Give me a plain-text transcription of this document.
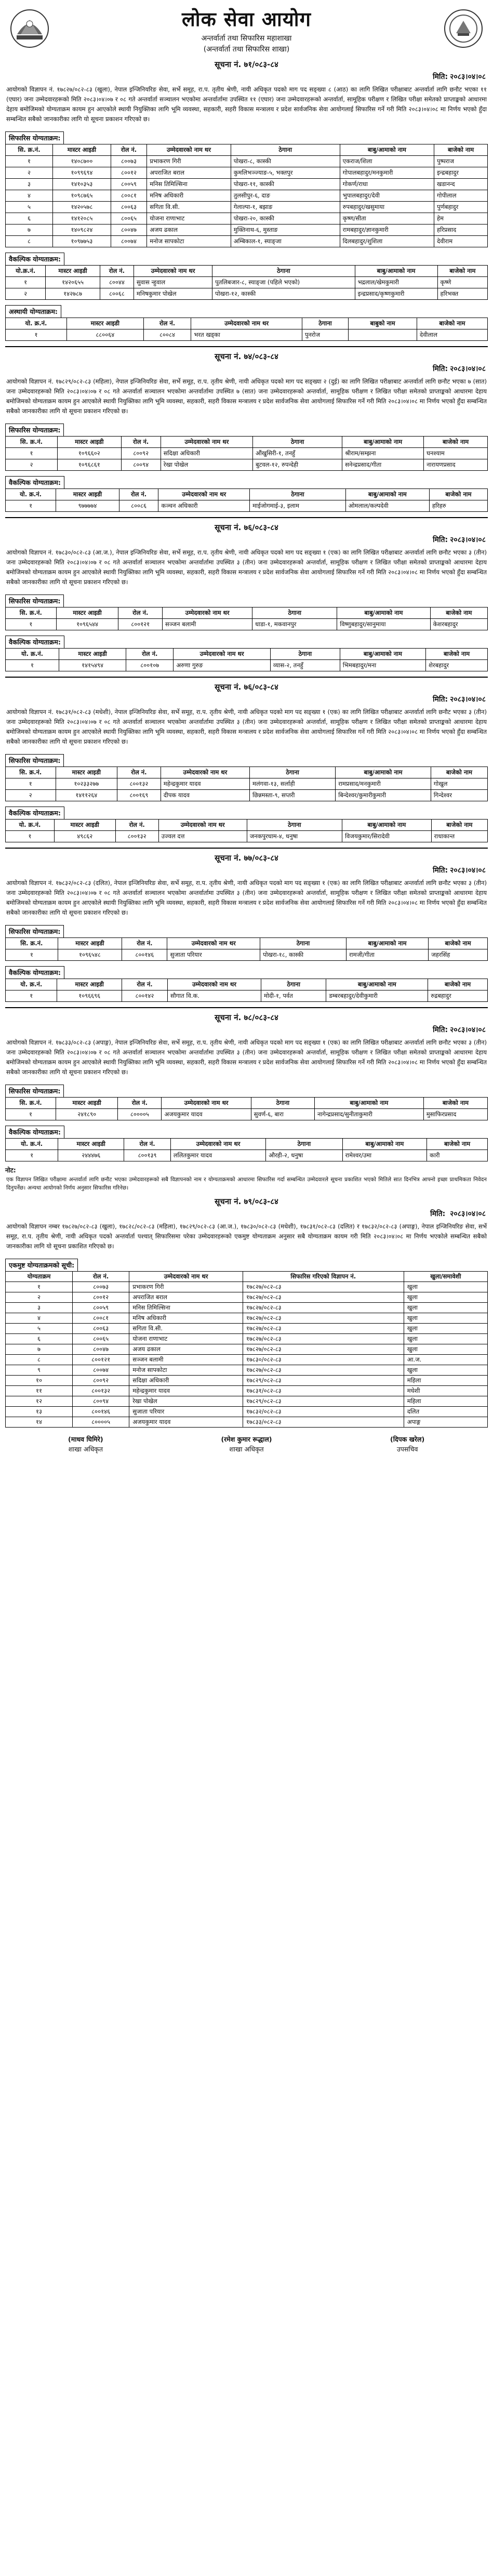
लोक सेवा आयोग
अन्तर्वार्ता तथा सिफारिस महाशाखा
(अन्तर्वार्ता तथा सिफारिस शाखा)
सूचना नं. ७१/०८३-८४
मिति: २०८३।०४।०८
आयोगको विज्ञापन नं. १७८२७/०८२-८३ (खुला), नेपाल इन्जिनियरिङ सेवा, सर्भे समूह, रा.प. तृतीय श्रेणी, नायी अधिकृत पदको माग पद सङ्ख्या ८ (आठ) का लागि लिखित परीक्षाबाट अन्तर्वार्ता लागि छनौट भएका ११ (एघार) जना उम्मेदवारहरूको मिति २०८३।०४।०७ र ०८ गते अन्तर्वार्ता सञ्चालन भएकोमा अन्तर्वार्तामा उपस्थित ११ (एघार) जना उम्मेदवारहरूको अन्तर्वार्ता, सामूहिक परीक्षण र लिखित परीक्षा समेतको प्राप्ताङ्कको आधारमा देहाय बमोजिमको योग्यताक्रम कायम हुन आएकोले स्थायी नियुक्तिका लागि भूमि व्यवस्था, सहकारी, सहरी विकास मन्त्रालय र प्रदेश सार्वजनिक सेवा आयोगलाई सिफारिस गर्ने गरी मिति २०८३।०४।०८ मा निर्णय भएको हुँदा सम्बन्धित सबैको जानकारीका लागि यो सूचना प्रकाशन गरिएको छ।
सिफारिस योग्यताक्रम:
सि. क्र.नं.	मास्टर आइडी	रोल नं.	उम्मेदवारको नाम थर	ठेगाना	बाबु/आमाको नाम	बाजेको नाम
१	१४०८७००	८००७३	प्रभाकरण गिरी	पोखरा-८, कास्की	एकराज/शिला	पुष्पराज
२	१०९९६९४	८००१२	अपराजित बराल	कुमलिभञ्ज्याङ-५, भक्तपुर	गोपालबहादुर/मनकुमारी	इन्द्रबहादुर
३	१४१०३५३	८००५९	मनिस तिमिल्सिना	पोखरा-११, कास्की	गोकर्ण/राधा	खडानन्द
४	१०९८७६५	८००८१	मनिष अधिकारी	तुलसीपुर-६, दाङ	भुपालबहादुर/देवी	गोपीलाल
५	१४२०५७८	८००६३	सगिता वि.सी.	गेलाल्पा-१, बझाङ	रुपबहादुर/खसुमाया	पुर्णबहादुर
६	१४१२०८५	८००६५	योजना राणाभाट	पोखरा-२०, कास्की	कृष्ण/सीता	हेम
७	१४०९८२४	८००४७	अजय ढकाल	मुक्तिनाथ-६, मुस्ताङ	रामबहादुर/ज्ञानकुमारी	हरिप्रसाद
८	१०९७७५३	८००७४	मनोज सापकोटा	अम्बिकाल-१, स्याङ्जा	दिलबहादुर/शुशिला	देवीराम
वैकल्पिक योग्यताक्रम:
यो.क्र.नं.	मास्टर आइडी	रोल नं.	उम्मेदवारको नाम थर	ठेगाना	बाबु/आमाको नाम	बाजेको नाम
१	१४२०६५५	८००४४	सुवास न्हुवाल	पुतलिबजार-८, स्याङ्जा (पहिले भएको)	भद्रलाल/खेमकुमारी	कृष्णे
२	१४२७८७	८००६८	मनिषकुमार पोखेल	पोखरा-१२, कास्की	इन्द्रप्रसाद/कृष्णकुमारी	हरिभक्त
अस्थायी योग्यताक्रम:
यो. क्र.नं.	मास्टर आइडी	रोल नं.	उम्मेदवारको नाम थर	ठेगाना	बाबुको नाम	बाजेको नाम
१	८८००६४	८००८४	भरत खड्का	पुनरोज		देवीलाल
सूचना नं. ७४/०८३-८४
मिति: २०८३।०४।०८
आयोगको विज्ञापन नं. १७८२९/०८२-८३ (महिला), नेपाल इन्जिनियरिङ सेवा, सर्भे समूह, रा.प. तृतीय श्रेणी, नायी अधिकृत पदको माग पद सङ्ख्या २ (दुई) का लागि लिखित परीक्षाबाट अन्तर्वार्ता लागि छनौट भएका ७ (सात) जना उम्मेदवारहरूको मिति २०८३।०४।०७ र ०८ गते अन्तर्वार्ता सञ्चालन भएकोमा अन्तर्वार्तामा उपस्थित ७ (सात) जना उम्मेदवारहरूको अन्तर्वार्ता, सामूहिक परीक्षण र लिखित परीक्षा समेतको प्राप्ताङ्कको आधारमा देहाय बमोजिमको योग्यताक्रम कायम हुन आएकोले स्थायी नियुक्तिका लागि भूमि व्यवस्था, सहकारी, सहरी विकास मन्त्रालय र प्रदेश सार्वजनिक सेवा आयोगलाई सिफारिस गर्ने गरी मिति २०८३।०४।०८ मा निर्णय भएको हुँदा सम्बन्धित सबैको जानकारीका लागि यो सूचना प्रकाशन गरिएको छ।
सिफारिस योग्यताक्रम:
सि. क्र.नं.	मास्टर आइडी	रोल नं.	उम्मेदवारको नाम थर	ठेगाना	बाबु/आमाको नाम	बाजेको नाम
१	१०९६६०२	८००९२	सदिक्षा अधिकारी	औंखुसिरी-१, तनहुँ	श्रीराम/सम्झना	घनश्याम
२	१०९६८६१	८००९४	रेखा पोखेल	बुटवल-१२, रुपन्देही	सनेन्द्रप्रसाद/गीता	नारायणप्रसाद
वैकल्पिक योग्यताक्रम:
यो. क्र.नं.	मास्टर आइडी	रोल नं.	उम्मेदवारको नाम थर	ठेगाना	बाबु/आमाको नाम	बाजेको नाम
१	९७७७७४	८००८६	कञ्चन अधिकारी	माईजोगमाई-३, इलाम	ओमलाल/कल्पदेवी	हरिहरु
सूचना नं. ७६/०८३-८४
मिति: २०८३।०४।०८
आयोगको विज्ञापन नं. १७८३०/०८२-८३ (आ.ज.), नेपाल इन्जिनियरिङ सेवा, सर्भे समूह, रा.प. तृतीय श्रेणी, नायी अधिकृत पदको माग पद सङ्ख्या १ (एक) का लागि लिखित परीक्षाबाट अन्तर्वार्ता लागि छनौट भएका ३ (तीन) जना उम्मेदवारहरूको मिति २०८३।०४।०७ र ०८ गते अन्तर्वार्ता सञ्चालन भएकोमा अन्तर्वार्तामा उपस्थित ३ (तीन) जना उम्मेदवारहरूको अन्तर्वार्ता, सामूहिक परीक्षण र लिखित परीक्षा समेतको प्राप्ताङ्कको आधारमा देहाय बमोजिमको योग्यताक्रम कायम हुन आएकोले स्थायी नियुक्तिका लागि भूमि व्यवस्था, सहकारी, सहरी विकास मन्त्रालय र प्रदेश सार्वजनिक सेवा आयोगलाई सिफारिस गर्ने गरी मिति २०८३।०४।०८ मा निर्णय भएको हुँदा सम्बन्धित सबैको जानकारीका लागि यो सूचना प्रकाशन गरिएको छ।
सिफारिस योग्यताक्रम:
सि. क्र.नं.	मास्टर आइडी	रोल नं.	उम्मेदवारको नाम थर	ठेगाना	बाबु/आमाको नाम	बाजेको नाम
१	१०९६५४४	८००१२१	सञ्जन बलामी	धाडा-१, मकवानपुर	विष्णुबहादुर/सानुमाया	केशरबहादुर
वैकल्पिक योग्यताक्रम:
यो. क्र.नं.	मास्टर आइडी	रोल नं.	उम्मेदवारको नाम थर	ठेगाना	बाबु/आमाको नाम	बाजेको नाम
१	१४१५४९४	८००१०७	अरुणा गुरुङ	व्यास-२, तनहुँ	भिमबहादुर/मना	शेरबहादुर
सूचना नं. ७६/०८३-८४
मिति: २०८३।०४।०८
आयोगको विज्ञापन नं. १७८३१/०८२-८३ (मधेशी), नेपाल इन्जिनियरिङ सेवा, सर्भे समूह, रा.प. तृतीय श्रेणी, नायी अधिकृत पदको माग पद सङ्ख्या १ (एक) का लागि लिखित परीक्षाबाट अन्तर्वार्ता लागि छनौट भएका ३ (तीन) जना उम्मेदवारहरूको मिति २०८३।०४।०७ र ०८ गते अन्तर्वार्ता सञ्चालन भएकोमा अन्तर्वार्तामा उपस्थित ३ (तीन) जना उम्मेदवारहरूको अन्तर्वार्ता, सामूहिक परीक्षण र लिखित परीक्षा समेतको प्राप्ताङ्कको आधारमा देहाय बमोजिमको योग्यताक्रम कायम हुन आएकोले स्थायी नियुक्तिका लागि भूमि व्यवस्था, सहकारी, सहरी विकास मन्त्रालय र प्रदेश सार्वजनिक सेवा आयोगलाई सिफारिस गर्ने गरी मिति २०८३।०४।०८ मा निर्णय भएको हुँदा सम्बन्धित सबैको जानकारीका लागि यो सूचना प्रकाशन गरिएको छ।
सिफारिस योग्यताक्रम:
सि. क्र.नं.	मास्टर आइडी	रोल नं.	उम्मेदवारको नाम थर	ठेगाना	बाबु/आमाको नाम	बाजेको नाम
१	१०२३३२७७	८००१३२	महेन्द्रकुमार यादव	मलंगवा-१३, सर्लाही	रामप्रसाद/मनकुमारी	गोखुल
२	१४११२६४	८००१६९	दीपक यादव	छिन्नमस्ता-९, सप्तरी	बिन्देश्वर/कुमारीकुमारी	गिन्देश्वर
वैकल्पिक योग्यताक्रम:
यो. क्र.नं.	मास्टर आइडी	रोल नं.	उम्मेदवारको नाम थर	ठेगाना	बाबु/आमाको नाम	बाजेको नाम
१	४९८६२	८००१३२	उज्वल दत्त	जनकपुरधाम-४, धनुषा	विजयकुमार/सिरादेवी	राधाकान्त
सूचना नं. ७७/०८३-८४
मिति: २०८३।०४।०८
आयोगको विज्ञापन नं. १७८३२/०८२-८३ (दलित), नेपाल इन्जिनियरिङ सेवा, सर्भे समूह, रा.प. तृतीय श्रेणी, नायी अधिकृत पदको माग पद सङ्ख्या १ (एक) का लागि लिखित परीक्षाबाट अन्तर्वार्ता लागि छनौट भएका ३ (तीन) जना उम्मेदवारहरूको मिति २०८३।०४।०७ र ०८ गते अन्तर्वार्ता सञ्चालन भएकोमा अन्तर्वार्तामा उपस्थित ३ (तीन) जना उम्मेदवारहरूको अन्तर्वार्ता, सामूहिक परीक्षण र लिखित परीक्षा समेतको प्राप्ताङ्कको आधारमा देहाय बमोजिमको योग्यताक्रम कायम हुन आएकोले स्थायी नियुक्तिका लागि भूमि व्यवस्था, सहकारी, सहरी विकास मन्त्रालय र प्रदेश सार्वजनिक सेवा आयोगलाई सिफारिस गर्ने गरी मिति २०८३।०४।०८ मा निर्णय भएको हुँदा सम्बन्धित सबैको जानकारीका लागि यो सूचना प्रकाशन गरिएको छ।
सिफारिस योग्यताक्रम:
सि. क्र.नं.	मास्टर आइडी	रोल नं.	उम्मेदवारको नाम थर	ठेगाना	बाबु/आमाको नाम	बाजेको नाम
१	१०९६५४८	८००१४६	सुजाता परियार	पोखरा-१८, कास्की	रामजी/गीता	जहरसिंह
वैकल्पिक योग्यताक्रम:
यो. क्र.नं.	मास्टर आइडी	रोल नं.	उम्मेदवारको नाम थर	ठेगाना	बाबु/आमाको नाम	बाजेको नाम
१	१०९६६९६	८००१४२	सौगात वि.क.	मोदी-१, पर्वत	डम्बरबहादुर/देवीकुमारी	रुद्रबहादुर
सूचना नं. ७८/०८३-८४
मिति: २०८३।०४।०८
आयोगको विज्ञापन नं. १७८३३/०८२-८३ (अपाङ्ग), नेपाल इन्जिनियरिङ सेवा, सर्भे समूह, रा.प. तृतीय श्रेणी, नायी अधिकृत पदको माग पद सङ्ख्या १ (एक) का लागि लिखित परीक्षाबाट अन्तर्वार्ता लागि छनौट भएका ३ (तीन) जना उम्मेदवारहरूको मिति २०८३।०४।०७ र ०८ गते अन्तर्वार्ता सञ्चालन भएकोमा अन्तर्वार्तामा उपस्थित ३ (तीन) जना उम्मेदवारहरूको अन्तर्वार्ता, सामूहिक परीक्षण र लिखित परीक्षा समेतको प्राप्ताङ्कको आधारमा देहाय बमोजिमको योग्यताक्रम कायम हुन आएकोले स्थायी नियुक्तिका लागि भूमि व्यवस्था, सहकारी, सहरी विकास मन्त्रालय र प्रदेश सार्वजनिक सेवा आयोगलाई सिफारिस गर्ने गरी मिति २०८३।०४।०८ मा निर्णय भएको हुँदा सम्बन्धित सबैको जानकारीका लागि यो सूचना प्रकाशन गरिएको छ।
सिफारिस योग्यताक्रम:
सि. क्र.नं.	मास्टर आइडी	रोल नं.	उम्मेदवारको नाम थर	ठेगाना	बाबु/आमाको नाम	बाजेको नाम
१	२४१८९०	८००००५	अजयकुमार यादव	सुवर्ण-६, बारा	नागेन्द्रप्रसाद/सुनीताकुमारी	मुसाफिरप्रसाद
वैकल्पिक योग्यताक्रम:
यो. क्र.नं.	मास्टर आइडी	रोल नं.	उम्मेदवारको नाम थर	ठेगाना	बाबु/आमाको नाम	बाजेको नाम
१	२४४४७६	८००१३९	ललितकुमार यादव	औरही-२, धनुषा	रामेश्वर/उमा	कारी
नोट:
एक विज्ञापन लिखित परीक्षामा अन्तर्वार्ता लागि छनौट भएका उम्मेदवारहरूको सबै विज्ञापनको नाम र योग्यताक्रमको आधारमा सिफारिस गर्दा सम्बन्धित उम्मेदवारले सूचना प्रकाशित भएको मितिले सात दिनभित्र आफ्नो इच्छा प्राथमिकता निवेदन दिनुपर्नेछ। अन्यथा आयोगको निर्णय अनुसार सिफारिस गरिनेछ।
सूचना नं. ७९/०८३-८४
मिति: २०८३।०४।०८
आयोगको विज्ञापन नम्बर १७८२७/०८२-८३ (खुला), १७८२८/०८२-८३ (महिला), १७८२९/०८२-८३ (आ.ज.), १७८३०/०८२-८३ (मधेशी), १७८३१/०८२-८३ (दलित) र १७८३२/०८२-८३ (अपाङ्ग), नेपाल इन्जिनियरिङ सेवा, सर्भे समूह, रा.प. तृतीय श्रेणी, नायी अधिकृत पदको अन्तर्वार्ता पश्चात् सिफारिसमा परेका उम्मेदवारहरूको एकमुष्ट योग्यताक्रम अनुसार सबै योग्यताक्रम कायम गरी मिति २०८३।०४।०८ मा निर्णय भएकोले सम्बन्धित सबैको जानकारीका लागि यो सूचना प्रकाशित गरिएको छ।
एकमुष्ट योग्यताक्रमको सूची:
योग्यताक्रम	रोल नं.	उम्मेदवारको नाम थर	सिफारिस गरिएको विज्ञापन नं.	खुला/समावेशी
१	८००७३	प्रभाकरण गिरी	१७८२७/०८२-८३	खुला
२	८००१२	अपराजित बराल	१७८२७/०८२-८३	खुला
३	८००५९	मनिस तिमिल्सिना	१७८२७/०८२-८३	खुला
४	८००८१	मनिष अधिकारी	१७८२७/०८२-८३	खुला
५	८००६३	सगिता वि.सी.	१७८२७/०८२-८३	खुला
६	८००६५	योजना राणाभाट	१७८२७/०८२-८३	खुला
७	८००४७	अजय ढकाल	१७८२७/०८२-८३	खुला
८	८००१२१	सञ्जन बलामी	१७८३०/०८२-८३	आ.ज.
९	८००७४	मनोज सापकोटा	१७८२७/०८२-८३	खुला
१०	८००९२	सदिक्षा अधिकारी	१७८२९/०८२-८३	महिला
११	८००१३२	महेन्द्रकुमार यादव	१७८३१/०८२-८३	मधेशी
१२	८००९४	रेखा पोखेल	१७८२९/०८२-८३	महिला
१३	८००१४६	सुजाता परियार	१७८३२/०८२-८३	दलित
१४	८००००५	अजयकुमार यादव	१७८३३/०८२-८३	अपाङ्ग
(माधव घिमिरे)
शाखा अधिकृत
(रमेश कुमार रूद्धाल)
शाखा अधिकृत
(दिपक खरेल)
उपसचिव
